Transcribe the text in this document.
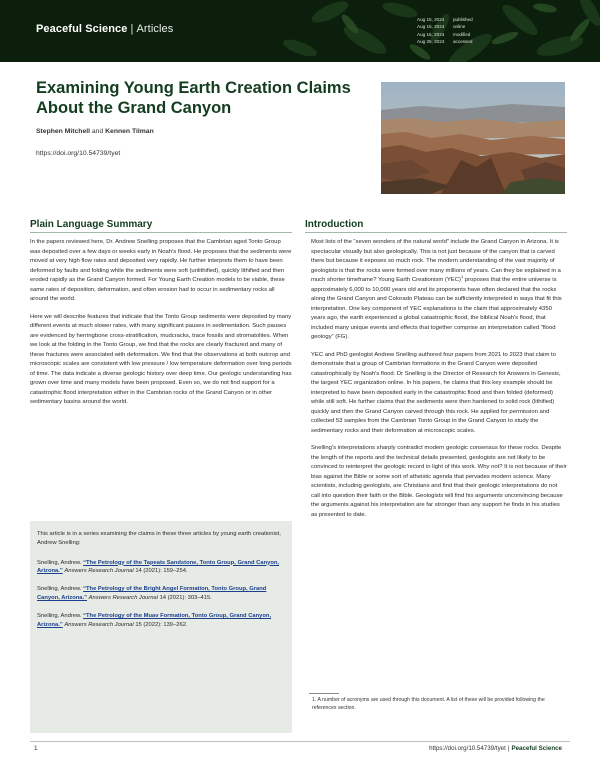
Peaceful Science | Articles
Aug 15, 2024 published
Aug 15, 2024 online
Aug 15, 2024 modified
Aug 25, 2024 accessed
Examining Young Earth Creation Claims About the Grand Canyon
Stephen Mitchell and Kennen Tilman
https://doi.org/10.54739/tyet
Plain Language Summary

In the papers reviewed here, Dr. Andrew Snelling proposes that the Cambrian aged Tonto Group was deposited over a few days or weeks early in Noah's flood. He proposes that the sediments were moved at very high flow rates and deposited very rapidly. He further interprets them to have been deformed by faults and folding while the sediments were soft (unlithified), quickly lithified and then eroded rapidly as the Grand Canyon formed. For Young Earth Creation models to be viable, these same rates of deposition, deformation, and often erosion had to occur in sedimentary rocks all around the world.

Here we will describe features that indicate that the Tonto Group sediments were deposited by many different events at much slower rates, with many significant pauses in sedimentation. Such pauses are evidenced by herringbone cross-stratification, mudcracks, trace fossils and stromatolites. When we look at the folding in the Tonto Group, we find that the rocks are clearly fractured and many of these fractures were associated with deformation. We find that the observations at both outcrop and microscopic scales are consistent with low pressure / low temperature deformation over long periods of time. The data indicate a diverse geologic history over deep time. Our geologic understanding has grown over time and many models have been proposed. Even so, we do not find support for a catastrophic flood interpretation either in the Cambrian rocks of the Grand Canyon or in other sedimentary basins around the world.

This article is in a series examining the claims in these three articles by young earth creationist, Andrew Snelling:
Snelling, Andrew. “The Petrology of the Tapeats Sandstone, Tonto Group, Grand Canyon, Arizona.” Answers Research Journal 14 (2021): 159–254.
Snelling, Andrew. “The Petrology of the Bright Angel Formation, Tonto Group, Grand Canyon, Arizona.” Answers Research Journal 14 (2021): 303–415.
Snelling, Andrew. “The Petrology of the Muav Formation, Tonto Group, Grand Canyon, Arizona.” Answers Research Journal 15 (2022): 139–262.
Introduction

Most lists of the “seven wonders of the natural world” include the Grand Canyon in Arizona. It is spectacular visually but also geologically. This is not just because of the canyon that is carved there but because it exposes so much rock. The modern understanding of the vast majority of geologists is that the rocks were formed over many millions of years. Can they be explained in a much shorter timeframe? Young Earth Creationism (YEC)$^1$ proposes that the entire universe is approximately 6,000 to 10,000 years old and its proponents have often declared that the rocks along the Grand Canyon and Colorado Plateau can be sufficiently interpreted in ways that fit this interpretation. One key component of YEC explanations is the claim that approximately 4350 years ago, the earth experienced a global catastrophic flood, the biblical Noah's flood, that included many unique events and effects that together comprise an interpretation called “flood geology” (FG).

YEC and PhD geologist Andrew Snelling authored four papers from 2021 to 2023 that claim to demonstrate that a group of Cambrian formations in the Grand Canyon were deposited catastrophically by Noah's flood. Dr Snelling is the Director of Research for Answers in Genesis, the largest YEC organization online. In his papers, he claims that this key example should be interpreted to have been deposited early in the catastrophic flood and then folded (deformed) while still soft. He further claims that the sediments were then hardened to solid rock (lithified) quickly and then the Grand Canyon carved through this rock. He applied for permission and collected 53 samples from the Cambrian Tonto Group in the Grand Canyon to study the sedimentary rocks and their deformation at microscopic scales.

Snelling's interpretations sharply contradict modern geologic consensus for these rocks. Despite the length of the reports and the technical details presented, geologists are not likely to be convinced to reinterpret the geologic record in light of this work. Why not? It is not because of their bias against the Bible or some sort of atheistic agenda that pervades modern science. Many scientists, including geologists, are Christians and find that their geologic interpretations do not call into question their faith or the Bible. Geologists will find his arguments unconvincing because the arguments against his interpretation are far stronger than any support he finds in his studies as presented to date.

1. A number of acronyms are used through this document. A list of these will be provided following the references section.
1	https://doi.org/10.54739/tyet | Peaceful Science
